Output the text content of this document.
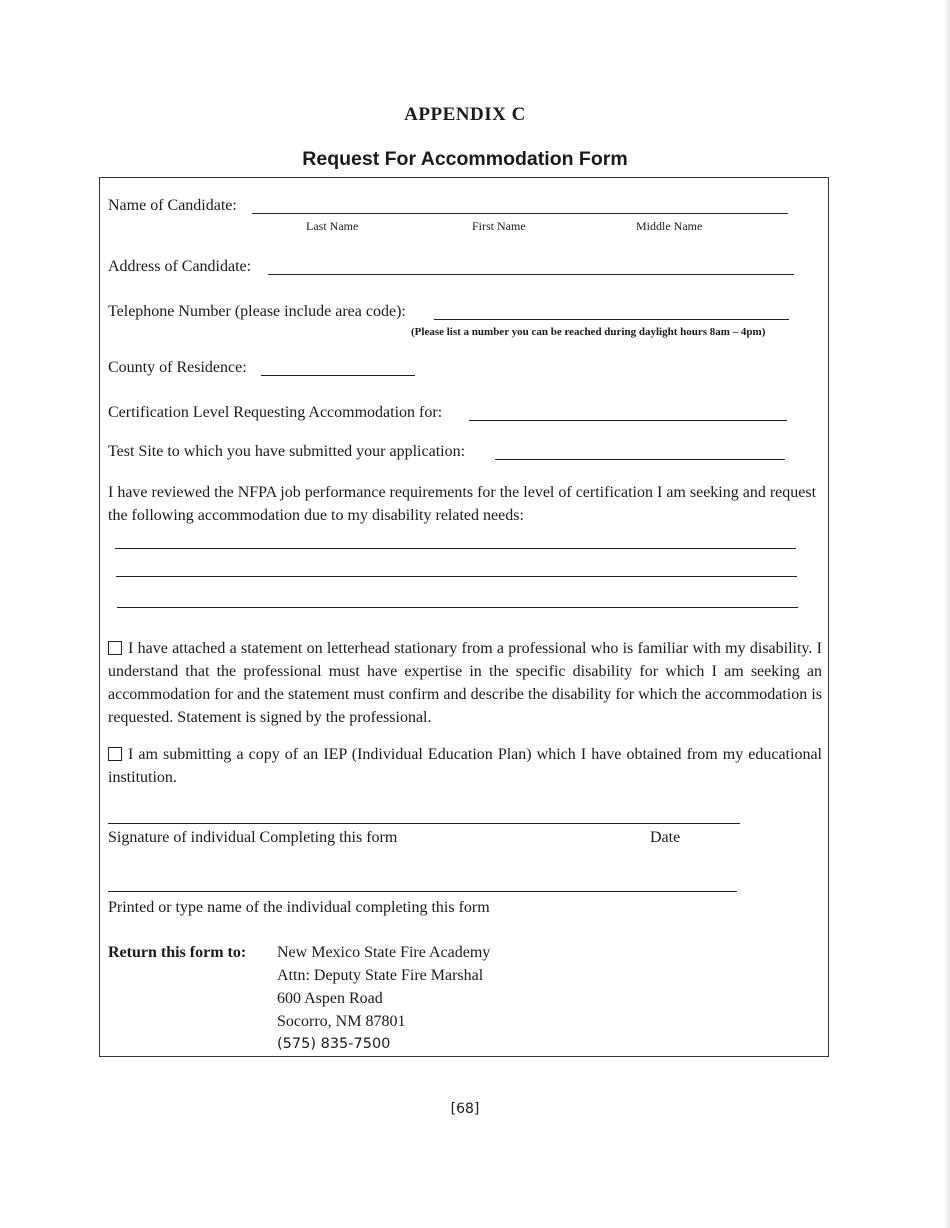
APPENDIX C
Request For Accommodation Form
Name of Candidate:
Last Name	First Name	Middle Name
Address of Candidate:
Telephone Number (please include area code):
(Please list a number you can be reached during daylight hours 8am – 4pm)
County of Residence:
Certification Level Requesting Accommodation for:
Test Site to which you have submitted your application:
I have reviewed the NFPA job performance requirements for the level of certification I am seeking and request the following accommodation due to my disability related needs:
I have attached a statement on letterhead stationary from a professional who is familiar with my disability. I understand that the professional must have expertise in the specific disability for which I am seeking an accommodation for and the statement must confirm and describe the disability for which the accommodation is requested. Statement is signed by the professional.
I am submitting a copy of an IEP (Individual Education Plan) which I have obtained from my educational institution.
Signature of individual Completing this form	Date
Printed or type name of the individual completing this form
Return this form to: New Mexico State Fire Academy
Attn: Deputy State Fire Marshal
600 Aspen Road
Socorro, NM 87801
(575) 835-7500
[68]
